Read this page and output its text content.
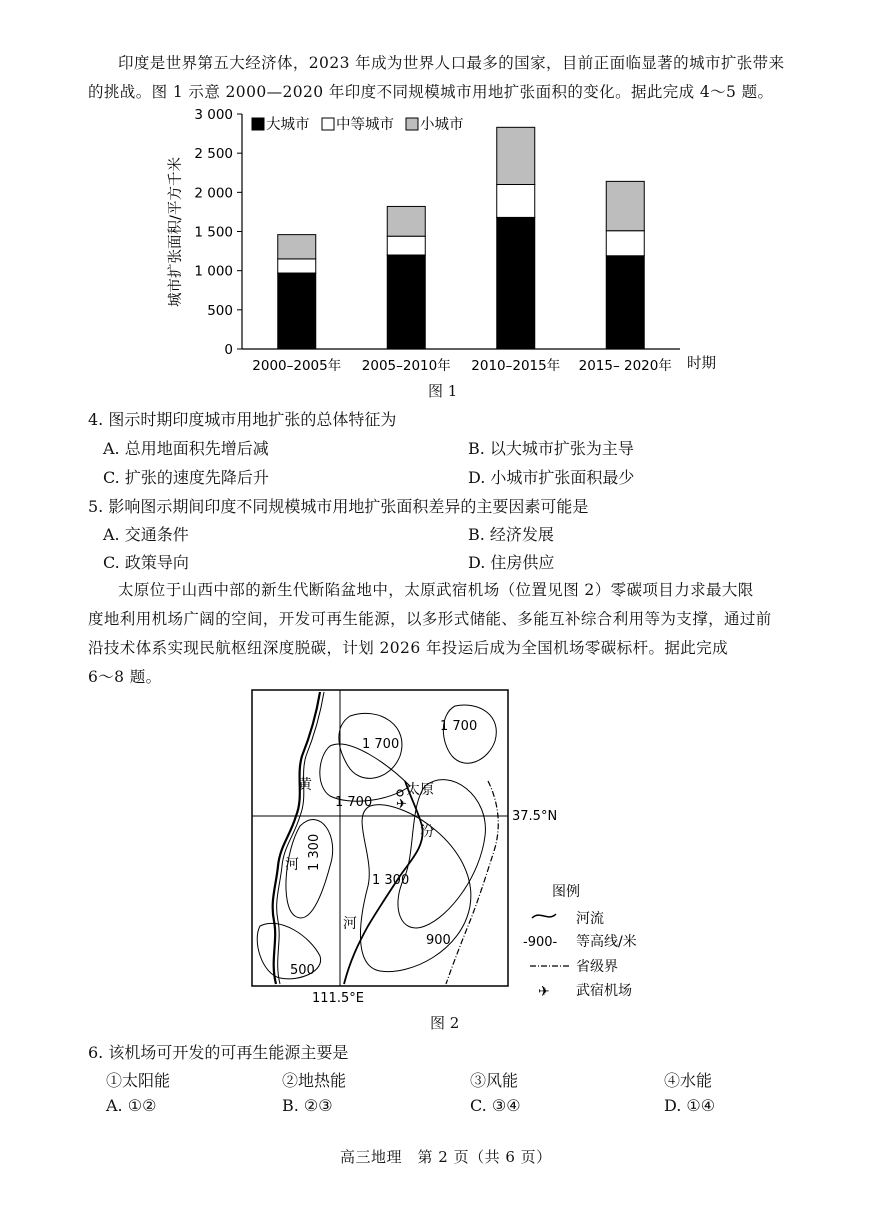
印度是世界第五大经济体，2023 年成为世界人口最多的国家，目前正面临显著的城市扩张带来
的挑战。图 1 示意 2000—2020 年印度不同规模城市用地扩张面积的变化。据此完成 4～5 题。
0
500
1 000
1 500
2 000
2 500
3 000
2000–2005年 2005–2010年 2010–2015年 2015– 2020年
城市扩张面积/平方千米
时期
大城市 中等城市 小城市
图 1
4. 图示时期印度城市用地扩张的总体特征为
A. 总用地面积先增后减	B. 以大城市扩张为主导
C. 扩张的速度先降后升	D. 小城市扩张面积最少
5. 影响图示期间印度不同规模城市用地扩张面积差异的主要因素可能是
A. 交通条件	B. 经济发展
C. 政策导向	D. 住房供应
太原位于山西中部的新生代断陷盆地中，太原武宿机场（位置见图 2）零碳项目力求最大限
度地利用机场广阔的空间，开发可再生能源，以多形式储能、多能互补综合利用等为支撑，通过前
沿技术体系实现民航枢纽深度脱碳，计划 2026 年投运后成为全国机场零碳标杆。据此完成
6～8 题。
1 700
1 700
1 700
1 300
1 300
900
500
黄
河
汾
河
太原
✈
37.5°N
111.5°E
图例
河流
-900- 等高线/米
省级界
✈ 武宿机场
图 2
6. 该机场可开发的可再生能源主要是
①太阳能	②地热能	③风能	④水能
A. ①②	B. ②③	C. ③④	D. ①④
高三地理　第 2 页（共 6 页）
